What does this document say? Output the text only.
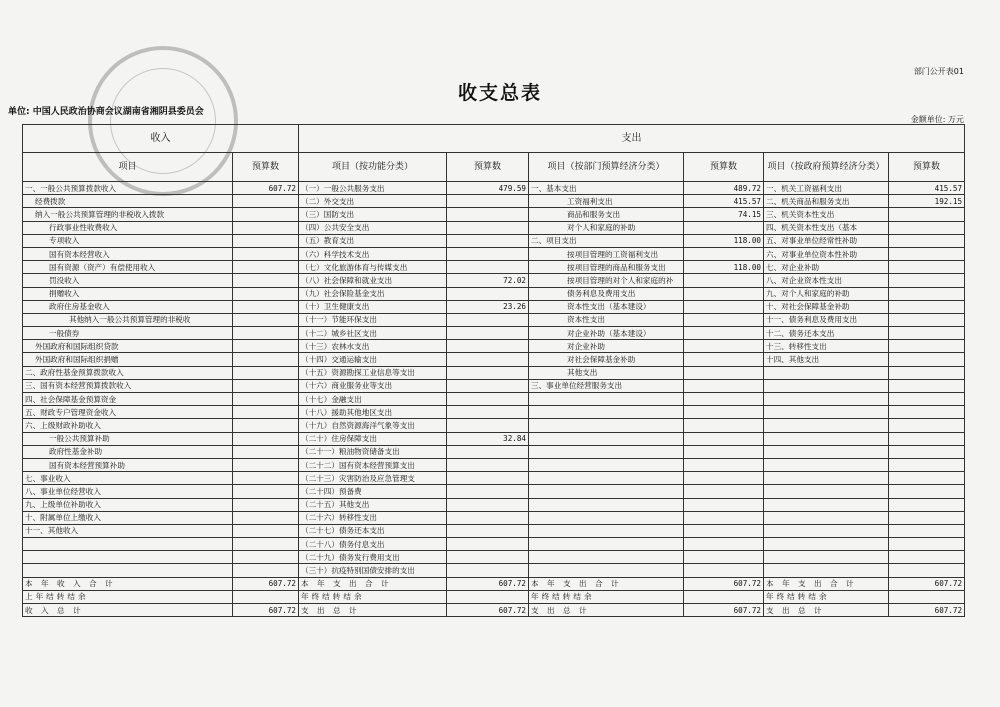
部门公开表01
收支总表
单位: 中国人民政治协商会议湖南省湘阴县委员会
金额单位: 万元
收入		支出					
项目	预算数	项目（按功能分类）	预算数	项目（按部门预算经济分类）	预算数	项目（按政府预算经济分类）	预算数
一、一般公共预算拨款收入	607.72	（一）一般公共服务支出	479.59	一、基本支出	489.72	一、机关工资福利支出	415.57
经费拨款		（二）外交支出		工资福利支出	415.57	二、机关商品和服务支出	192.15
纳入一般公共预算管理的非税收入拨款		（三）国防支出		商品和服务支出	74.15	三、机关资本性支出	
行政事业性收费收入		（四）公共安全支出		对个人和家庭的补助		四、机关资本性支出（基本	
专项收入		（五）教育支出		二、项目支出	118.00	五、对事业单位经常性补助	
国有资本经营收入		（六）科学技术支出		按项目管理的工资福利支出		六、对事业单位资本性补助	
国有资源（资产）有偿使用收入		（七）文化旅游体育与传媒支出		按项目管理的商品和服务支出	118.00	七、对企业补助	
罚没收入		（八）社会保障和就业支出	72.02	按项目管理的对个人和家庭的补		八、对企业资本性支出	
捐赠收入		（九）社会保险基金支出		债务利息及费用支出		九、对个人和家庭的补助	
政府住房基金收入		（十）卫生健康支出	23.26	资本性支出（基本建设）		十、对社会保障基金补助	
其他纳入一般公共预算管理的非税收		（十一）节能环保支出		资本性支出		十一、债务利息及费用支出	
一般债券		（十二）城乡社区支出		对企业补助（基本建设）		十二、债务还本支出	
外国政府和国际组织贷款		（十三）农林水支出		对企业补助		十三、转移性支出	
外国政府和国际组织捐赠		（十四）交通运输支出		对社会保障基金补助		十四、其他支出	
二、政府性基金预算拨款收入		（十五）资源勘探工业信息等支出		其他支出			
三、国有资本经营预算拨款收入		（十六）商业服务业等支出		三、事业单位经营服务支出			
四、社会保障基金预算资金		（十七）金融支出					
五、财政专户管理资金收入		（十八）援助其他地区支出					
六、上级财政补助收入		（十九）自然资源海洋气象等支出					
一般公共预算补助		（二十）住房保障支出	32.84				
政府性基金补助		（二十一）粮油物资储备支出					
国有资本经营预算补助		（二十二）国有资本经营预算支出					
七、事业收入		（二十三）灾害防治及应急管理支					
八、事业单位经营收入		（二十四）预备费					
九、上级单位补助收入		（二十五）其他支出					
十、附属单位上缴收入		（二十六）转移性支出					
十一、其他收入		（二十七）债务还本支出					
		（二十八）债务付息支出					
		（二十九）债务发行费用支出					
		（三十）抗疫特别国债安排的支出					
本 年 收 入 合 计	607.72	本 年 支 出 合 计	607.72	本 年 支 出 合 计	607.72	本 年 支 出 合 计	607.72
上年结转结余		年终结转结余		年终结转结余		年终结转结余	
收 入 总 计	607.72	支 出 总 计	607.72	支 出 总 计	607.72	支 出 总 计	607.72
